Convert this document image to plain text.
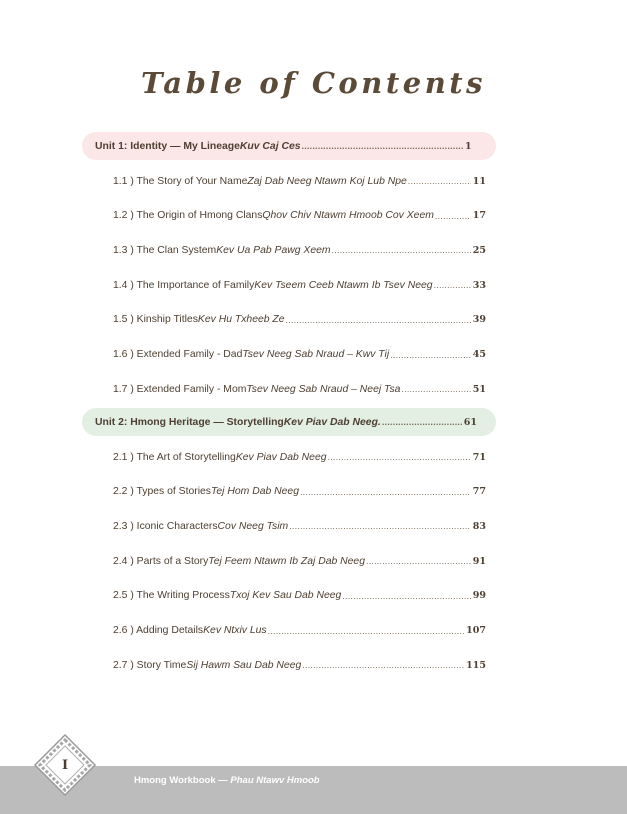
Table of Contents
Unit 1: Identity — My Lineage Kuv Caj Ces .....	1
1.1 ) The Story of Your Name Zaj Dab Neeg Ntawm Koj Lub Npe .....	11
1.2 ) The Origin of Hmong Clans Qhov Chiv Ntawm Hmoob Cov Xeem .....	17
1.3 ) The Clan System Kev Ua Pab Pawg Xeem .....	25
1.4 ) The Importance of Family Kev Tseem Ceeb Ntawm Ib Tsev Neeg .....	33
1.5 ) Kinship Titles Kev Hu Txheeb Ze .....	39
1.6 ) Extended Family - Dad Tsev Neeg Sab Nraud – Kwv Tij .....	45
1.7 ) Extended Family - Mom Tsev Neeg Sab Nraud – Neej Tsa .....	51
Unit 2: Hmong Heritage — Storytelling Kev Piav Dab Neeg. .....	61
2.1 ) The Art of Storytelling Kev Piav Dab Neeg .....	71
2.2 ) Types of Stories Tej Hom Dab Neeg .....	77
2.3 ) Iconic Characters Cov Neeg Tsim .....	83
2.4 ) Parts of a Story Tej Feem Ntawm Ib Zaj Dab Neeg .....	91
2.5 ) The Writing Process Txoj Kev Sau Dab Neeg .....	99
2.6 ) Adding Details Kev Ntxiv Lus .....	107
2.7 ) Story Time Sij Hawm Sau Dab Neeg .....	115
I
Hmong Workbook — Phau Ntawv Hmoob
